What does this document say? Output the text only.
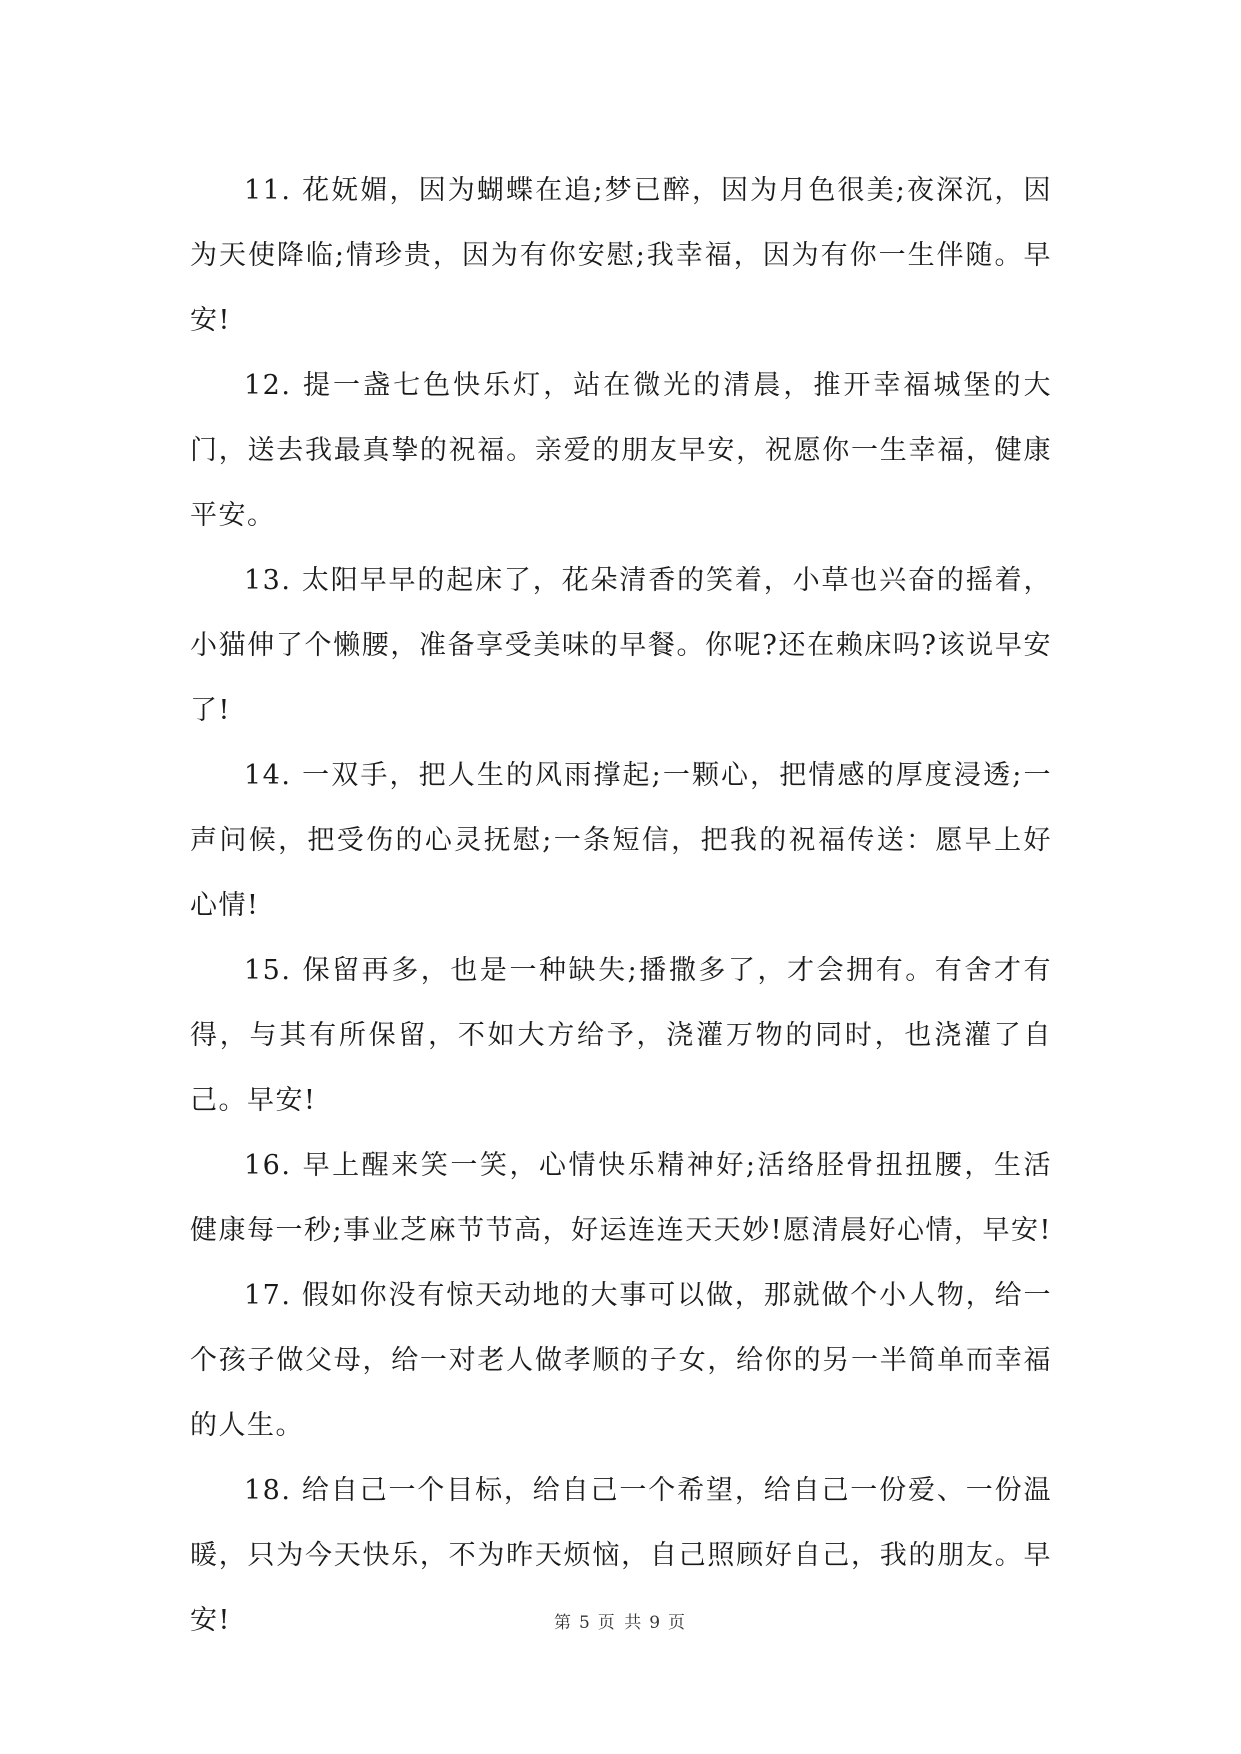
11. 花妩媚，因为蝴蝶在追;梦已醉，因为月色很美;夜深沉，因为天使降临;情珍贵，因为有你安慰;我幸福，因为有你一生伴随。早安!

12. 提一盏七色快乐灯，站在微光的清晨，推开幸福城堡的大门，送去我最真挚的祝福。亲爱的朋友早安，祝愿你一生幸福，健康平安。

13. 太阳早早的起床了，花朵清香的笑着，小草也兴奋的摇着，小猫伸了个懒腰，准备享受美味的早餐。你呢?还在赖床吗?该说早安了!

14. 一双手，把人生的风雨撑起;一颗心，把情感的厚度浸透;一声问候，把受伤的心灵抚慰;一条短信，把我的祝福传送：愿早上好心情!

15. 保留再多，也是一种缺失;播撒多了，才会拥有。有舍才有得，与其有所保留，不如大方给予，浇灌万物的同时，也浇灌了自己。早安!

16. 早上醒来笑一笑，心情快乐精神好;活络胫骨扭扭腰，生活健康每一秒;事业芝麻节节高，好运连连天天妙!愿清晨好心情，早安!

17. 假如你没有惊天动地的大事可以做，那就做个小人物，给一个孩子做父母，给一对老人做孝顺的子女，给你的另一半简单而幸福的人生。

18. 给自己一个目标，给自己一个希望，给自己一份爱、一份温暖，只为今天快乐，不为昨天烦恼，自己照顾好自己，我的朋友。早安!	第 5 页 共 9 页
